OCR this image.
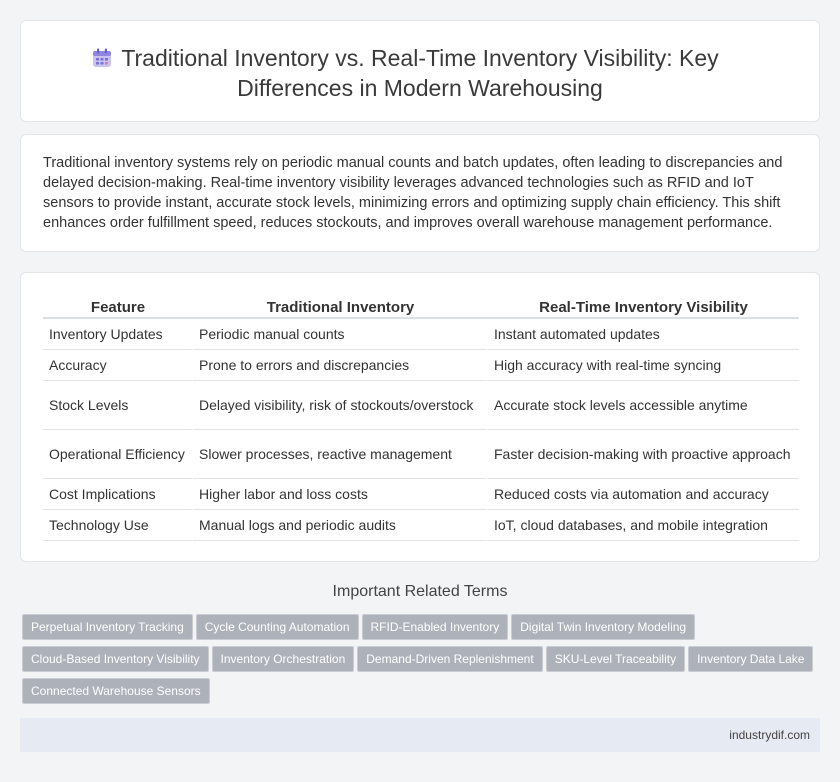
Traditional Inventory vs. Real-Time Inventory Visibility: Key
Differences in Modern Warehousing

Traditional inventory systems rely on periodic manual counts and batch updates, often leading to discrepancies and delayed decision-making. Real-time inventory visibility leverages advanced technologies such as RFID and IoT sensors to provide instant, accurate stock levels, minimizing errors and optimizing supply chain efficiency. This shift enhances order fulfillment speed, reduces stockouts, and improves overall warehouse management performance.

Feature	Traditional Inventory	Real-Time Inventory Visibility
Inventory Updates	Periodic manual counts	Instant automated updates
Accuracy	Prone to errors and discrepancies	High accuracy with real-time syncing
Stock Levels	Delayed visibility, risk of stockouts/overstock	Accurate stock levels accessible anytime
Operational Efficiency	Slower processes, reactive management	Faster decision-making with proactive approach
Cost Implications	Higher labor and loss costs	Reduced costs via automation and accuracy
Technology Use	Manual logs and periodic audits	IoT, cloud databases, and mobile integration
Important Related Terms
Perpetual Inventory Tracking Cycle Counting Automation RFID-Enabled Inventory Digital Twin Inventory Modeling
Cloud-Based Inventory Visibility Inventory Orchestration Demand-Driven Replenishment SKU-Level Traceability Inventory Data Lake
Connected Warehouse Sensors
industrydif.com
